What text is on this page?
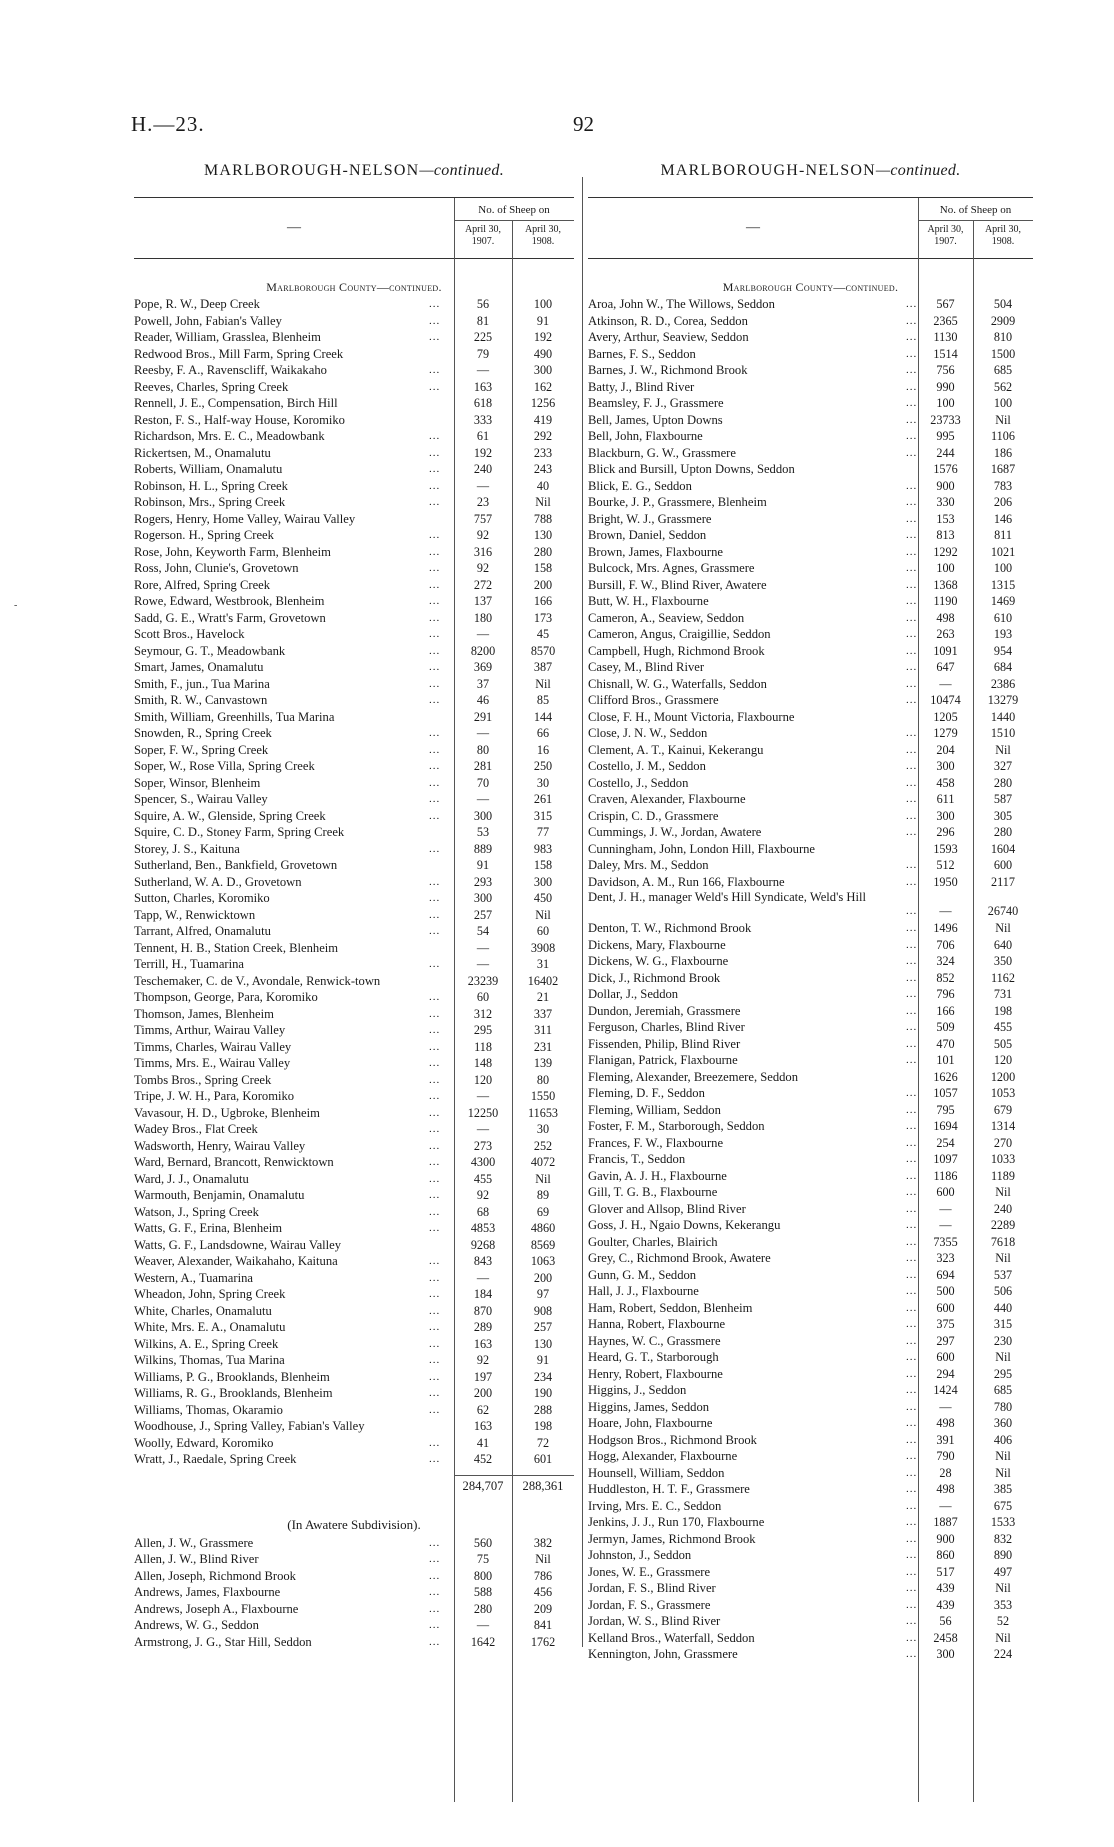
H.—23.	92
MARLBOROUGH-NELSON—continued.
—
No. of Sheep on
April 30,
1907.
April 30,
1908.
Marlborough County—continued.
Pope, R. W., Deep Creek	...	56	100
Powell, John, Fabian's Valley	...	81	91
Reader, William, Grasslea, Blenheim	...	225	192
Redwood Bros., Mill Farm, Spring Creek	79	490
Reesby, F. A., Ravenscliff, Waikakaho	...	—	300
Reeves, Charles, Spring Creek	...	163	162
Rennell, J. E., Compensation, Birch Hill	618	1256
Reston, F. S., Half-way House, Koromiko	333	419
Richardson, Mrs. E. C., Meadowbank	...	61	292
Rickertsen, M., Onamalutu	...	192	233
Roberts, William, Onamalutu	...	240	243
Robinson, H. L., Spring Creek	...	—	40
Robinson, Mrs., Spring Creek	...	23	Nil
Rogers, Henry, Home Valley, Wairau Valley	757	788
Rogerson. H., Spring Creek	...	92	130
Rose, John, Keyworth Farm, Blenheim	...	316	280
Ross, John, Clunie's, Grovetown	...	92	158
Rore, Alfred, Spring Creek	...	272	200
Rowe, Edward, Westbrook, Blenheim	...	137	166
Sadd, G. E., Wratt's Farm, Grovetown	...	180	173
Scott Bros., Havelock	...	—	45
Seymour, G. T., Meadowbank	...	8200	8570
Smart, James, Onamalutu	...	369	387
Smith, F., jun., Tua Marina	...	37	Nil
Smith, R. W., Canvastown	...	46	85
Smith, William, Greenhills, Tua Marina	291	144
Snowden, R., Spring Creek	...	—	66
Soper, F. W., Spring Creek	...	80	16
Soper, W., Rose Villa, Spring Creek	...	281	250
Soper, Winsor, Blenheim	...	70	30
Spencer, S., Wairau Valley	...	—	261
Squire, A. W., Glenside, Spring Creek	...	300	315
Squire, C. D., Stoney Farm, Spring Creek	53	77
Storey, J. S., Kaituna	...	889	983
Sutherland, Ben., Bankfield, Grovetown	91	158
Sutherland, W. A. D., Grovetown	...	293	300
Sutton, Charles, Koromiko	...	300	450
Tapp, W., Renwicktown	...	257	Nil
Tarrant, Alfred, Onamalutu	...	54	60
Tennent, H. B., Station Creek, Blenheim	—	3908
Terrill, H., Tuamarina	...	—	31
Teschemaker, C. de V., Avondale, Renwick-town	23239	16402
Thompson, George, Para, Koromiko	...	60	21
Thomson, James, Blenheim	...	312	337
Timms, Arthur, Wairau Valley	...	295	311
Timms, Charles, Wairau Valley	...	118	231
Timms, Mrs. E., Wairau Valley	...	148	139
Tombs Bros., Spring Creek	...	120	80
Tripe, J. W. H., Para, Koromiko	...	—	1550
Vavasour, H. D., Ugbroke, Blenheim	...	12250	11653
Wadey Bros., Flat Creek	...	—	30
Wadsworth, Henry, Wairau Valley	...	273	252
Ward, Bernard, Brancott, Renwicktown	...	4300	4072
Ward, J. J., Onamalutu	...	455	Nil
Warmouth, Benjamin, Onamalutu	...	92	89
Watson, J., Spring Creek	...	68	69
Watts, G. F., Erina, Blenheim	...	4853	4860
Watts, G. F., Landsdowne, Wairau Valley	9268	8569
Weaver, Alexander, Waikahaho, Kaituna	...	843	1063
Western, A., Tuamarina	...	—	200
Wheadon, John, Spring Creek	...	184	97
White, Charles, Onamalutu	...	870	908
White, Mrs. E. A., Onamalutu	...	289	257
Wilkins, A. E., Spring Creek	...	163	130
Wilkins, Thomas, Tua Marina	...	92	91
Williams, P. G., Brooklands, Blenheim	...	197	234
Williams, R. G., Brooklands, Blenheim	...	200	190
Williams, Thomas, Okaramio	...	62	288
Woodhouse, J., Spring Valley, Fabian's Valley	163	198
Woolly, Edward, Koromiko	...	41	72
Wratt, J., Raedale, Spring Creek	...	452	601
284,707	288,361
(In Awatere Subdivision).
Allen, J. W., Grassmere	...	560	382
Allen, J. W., Blind River	...	75	Nil
Allen, Joseph, Richmond Brook	...	800	786
Andrews, James, Flaxbourne	...	588	456
Andrews, Joseph A., Flaxbourne	...	280	209
Andrews, W. G., Seddon	...	—	841
Armstrong, J. G., Star Hill, Seddon	...	1642	1762
MARLBOROUGH-NELSON—continued.
—
No. of Sheep on
April 30,
1907.
April 30,
1908.
Marlborough County—continued.
Aroa, John W., The Willows, Seddon	...	567	504
Atkinson, R. D., Corea, Seddon	...	2365	2909
Avery, Arthur, Seaview, Seddon	...	1130	810
Barnes, F. S., Seddon	...	1514	1500
Barnes, J. W., Richmond Brook	...	756	685
Batty, J., Blind River	...	990	562
Beamsley, F. J., Grassmere	...	100	100
Bell, James, Upton Downs	...	23733	Nil
Bell, John, Flaxbourne	...	995	1106
Blackburn, G. W., Grassmere	...	244	186
Blick and Bursill, Upton Downs, Seddon	1576	1687
Blick, E. G., Seddon	...	900	783
Bourke, J. P., Grassmere, Blenheim	...	330	206
Bright, W. J., Grassmere	...	153	146
Brown, Daniel, Seddon	...	813	811
Brown, James, Flaxbourne	...	1292	1021
Bulcock, Mrs. Agnes, Grassmere	...	100	100
Bursill, F. W., Blind River, Awatere	...	1368	1315
Butt, W. H., Flaxbourne	...	1190	1469
Cameron, A., Seaview, Seddon	...	498	610
Cameron, Angus, Craigillie, Seddon	...	263	193
Campbell, Hugh, Richmond Brook	...	1091	954
Casey, M., Blind River	...	647	684
Chisnall, W. G., Waterfalls, Seddon	...	—	2386
Clifford Bros., Grassmere	...	10474	13279
Close, F. H., Mount Victoria, Flaxbourne	1205	1440
Close, J. N. W., Seddon	...	1279	1510
Clement, A. T., Kainui, Kekerangu	...	204	Nil
Costello, J. M., Seddon	...	300	327
Costello, J., Seddon	...	458	280
Craven, Alexander, Flaxbourne	...	611	587
Crispin, C. D., Grassmere	...	300	305
Cummings, J. W., Jordan, Awatere	...	296	280
Cunningham, John, London Hill, Flaxbourne	1593	1604
Daley, Mrs. M., Seddon	...	512	600
Davidson, A. M., Run 166, Flaxbourne	...	1950	2117
Dent, J. H., manager Weld's Hill Syndicate, Weld's Hill
...	—	26740
Denton, T. W., Richmond Brook	...	1496	Nil
Dickens, Mary, Flaxbourne	...	706	640
Dickens, W. G., Flaxbourne	...	324	350
Dick, J., Richmond Brook	...	852	1162
Dollar, J., Seddon	...	796	731
Dundon, Jeremiah, Grassmere	...	166	198
Ferguson, Charles, Blind River	...	509	455
Fissenden, Philip, Blind River	...	470	505
Flanigan, Patrick, Flaxbourne	...	101	120
Fleming, Alexander, Breezemere, Seddon	1626	1200
Fleming, D. F., Seddon	...	1057	1053
Fleming, William, Seddon	...	795	679
Foster, F. M., Starborough, Seddon	...	1694	1314
Frances, F. W., Flaxbourne	...	254	270
Francis, T., Seddon	...	1097	1033
Gavin, A. J. H., Flaxbourne	...	1186	1189
Gill, T. G. B., Flaxbourne	...	600	Nil
Glover and Allsop, Blind River	...	—	240
Goss, J. H., Ngaio Downs, Kekerangu	...	—	2289
Goulter, Charles, Blairich	...	7355	7618
Grey, C., Richmond Brook, Awatere	...	323	Nil
Gunn, G. M., Seddon	...	694	537
Hall, J. J., Flaxbourne	...	500	506
Ham, Robert, Seddon, Blenheim	...	600	440
Hanna, Robert, Flaxbourne	...	375	315
Haynes, W. C., Grassmere	...	297	230
Heard, G. T., Starborough	...	600	Nil
Henry, Robert, Flaxbourne	...	294	295
Higgins, J., Seddon	...	1424	685
Higgins, James, Seddon	...	—	780
Hoare, John, Flaxbourne	...	498	360
Hodgson Bros., Richmond Brook	...	391	406
Hogg, Alexander, Flaxbourne	...	790	Nil
Hounsell, William, Seddon	...	28	Nil
Huddleston, H. T. F., Grassmere	...	498	385
Irving, Mrs. E. C., Seddon	...	—	675
Jenkins, J. J., Run 170, Flaxbourne	...	1887	1533
Jermyn, James, Richmond Brook	...	900	832
Johnston, J., Seddon	...	860	890
Jones, W. E., Grassmere	...	517	497
Jordan, F. S., Blind River	...	439	Nil
Jordan, F. S., Grassmere	...	439	353
Jordan, W. S., Blind River	...	56	52
Kelland Bros., Waterfall, Seddon	...	2458	Nil
Kennington, John, Grassmere	...	300	224
-
